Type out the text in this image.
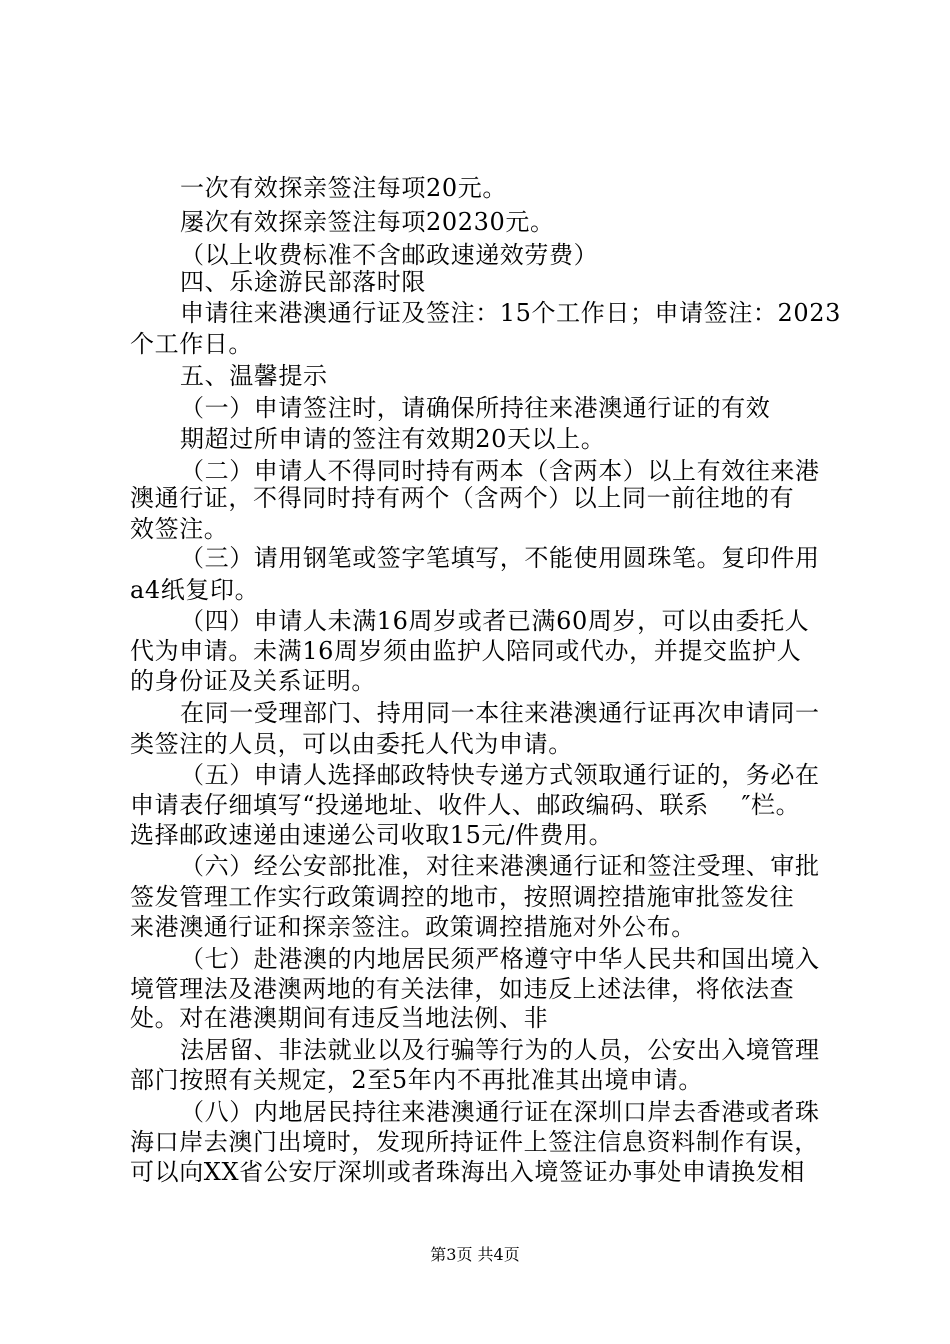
一次有效探亲签注每项20元。
屡次有效探亲签注每项20230元。
（以上收费标准不含邮政速递效劳费）
四、乐途游民部落时限
申请往来港澳通行证及签注：15个工作日；申请签注：2023
个工作日。
五、温馨提示
（一）申请签注时，请确保所持往来港澳通行证的有效
期超过所申请的签注有效期20天以上。
（二）申请人不得同时持有两本（含两本）以上有效往来港
澳通行证，不得同时持有两个（含两个）以上同一前往地的有
效签注。
（三）请用钢笔或签字笔填写，不能使用圆珠笔。复印件用
a4纸复印。
（四）申请人未满16周岁或者已满60周岁，可以由委托人
代为申请。未满16周岁须由监护人陪同或代办，并提交监护人
的身份证及关系证明。
在同一受理部门、持用同一本往来港澳通行证再次申请同一
类签注的人员，可以由委托人代为申请。
（五）申请人选择邮政特快专递方式领取通行证的，务必在
申请表仔细填写“投递地址、收件人、邮政编码、联系　 ″栏。
选择邮政速递由速递公司收取15元/件费用。
（六）经公安部批准，对往来港澳通行证和签注受理、审批
签发管理工作实行政策调控的地市，按照调控措施审批签发往
来港澳通行证和探亲签注。政策调控措施对外公布。
（七）赴港澳的内地居民须严格遵守中华人民共和国出境入
境管理法及港澳两地的有关法律，如违反上述法律，将依法查
处。对在港澳期间有违反当地法例、非
法居留、非法就业以及行骗等行为的人员，公安出入境管理
部门按照有关规定，2至5年内不再批准其出境申请。
（八）内地居民持往来港澳通行证在深圳口岸去香港或者珠
海口岸去澳门出境时，发现所持证件上签注信息资料制作有误，
可以向XX省公安厅深圳或者珠海出入境签证办事处申请换发相
第3页 共4页
